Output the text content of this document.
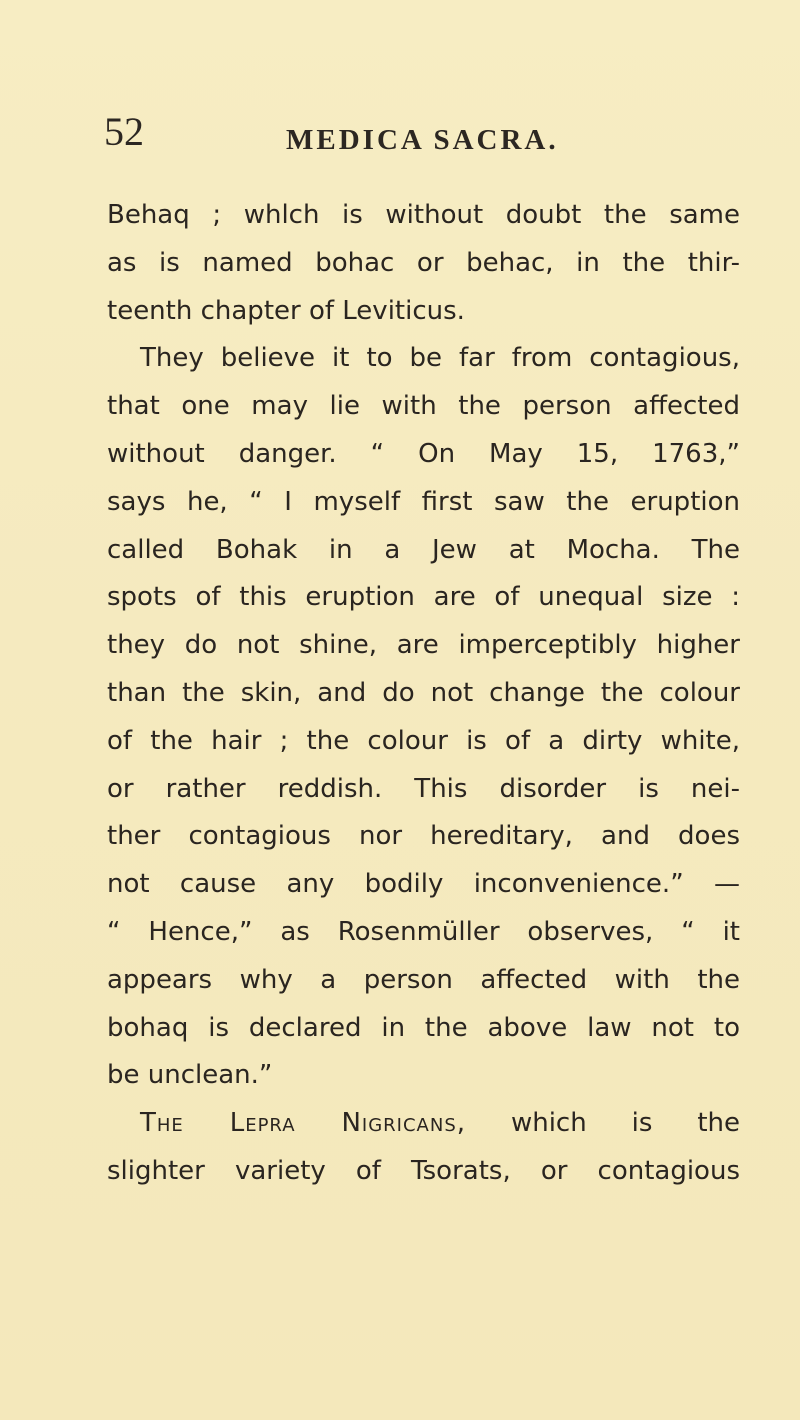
52	MEDICA SACRA.
Behaq ; whlch is without doubt the same
as is named bohac or behac, in the thir-
teenth chapter of Leviticus.
They believe it to be far from contagious,
that one may lie with the person affected
without danger. “ On May 15, 1763,”
says he, “ I myself first saw the eruption
called Bohak in a Jew at Mocha. The
spots of this eruption are of unequal size :
they do not shine, are imperceptibly higher
than the skin, and do not change the colour
of the hair ; the colour is of a dirty white,
or rather reddish. This disorder is nei-
ther contagious nor hereditary, and does
not cause any bodily inconvenience.” —
“ Hence,” as Rosenmüller observes, “ it
appears why a person affected with the
bohaq is declared in the above law not to
be unclean.”
The Lepra Nigricans, which is the
slighter variety of Tsorats, or contagious
